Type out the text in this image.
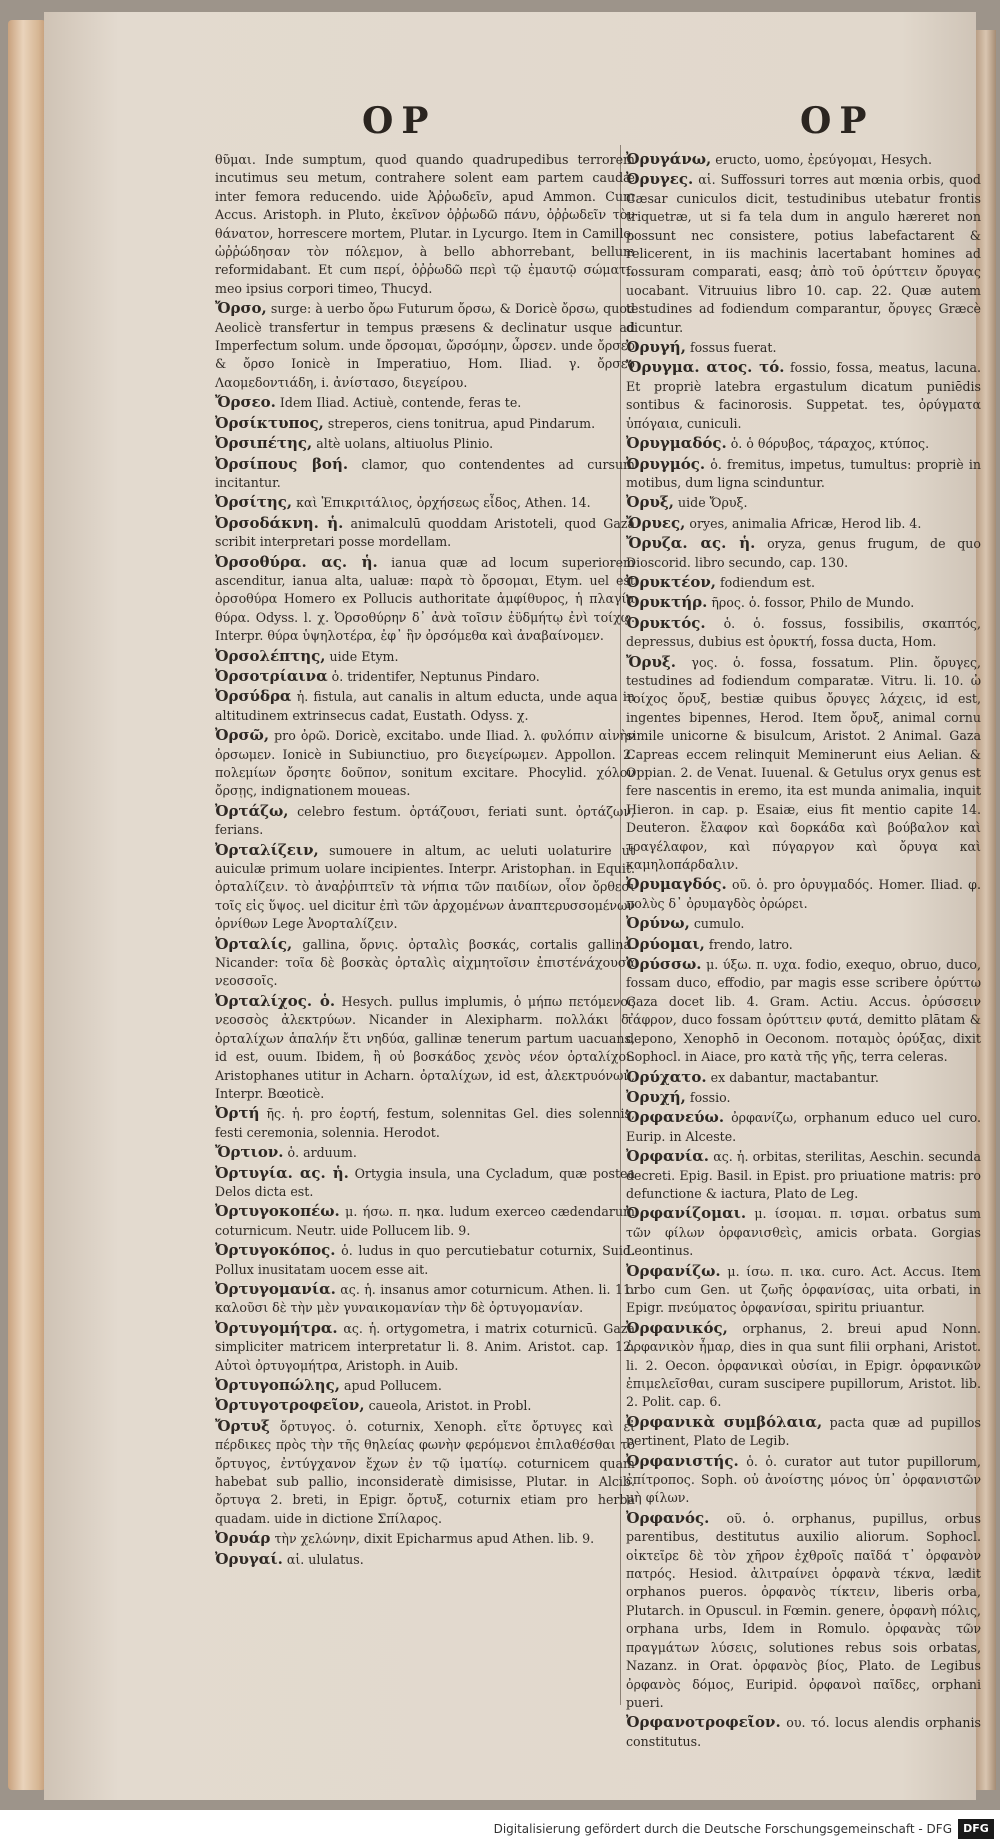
OP	OP

θῦμαι. Inde sumptum, quod quando quadrupedibus terrorem incutimus seu metum, contrahere solent eam partem caudæ inter femora reducendo. uide Ἀῤῥωδεῖν, apud Ammon. Cum Accus. Aristoph. in Pluto, ἐκεῖνον ὀῤῥωδῶ πάνυ, ὀῤῥωδεῖν τὸν θάνατον, horrescere mortem, Plutar. in Lycurgo. Item in Camillo, ὠῤῥώδησαν τὸν πόλεμον, à bello abhorrebant, bellum reformidabant. Et cum περί, ὀῤῥωδῶ περὶ τῷ ἐμαυτῷ σώματι, meo ipsius corpori timeo, Thucyd.

Ὄρσο, surge: à uerbo ὄρω Futurum ὄρσω, & Doricè ὄρσω, quod Aeolicè transfertur in tempus præsens & declinatur usque ad Imperfectum solum. unde ὄρσομαι, ὤρσόμην, ὦρσεν. unde ὄρσεο & ὄρσο Ionicè in Imperatiuo, Hom. Iliad. γ. ὄρσεο Λαομεδοντιάδη, i. ἀνίστασο, διεγείρου.

Ὄρσεο. Idem Iliad. Actiuè, contende, feras te.

Ὀρσίκτυπος, streperos, ciens tonitrua, apud Pindarum.

Ὀρσιπέτης, altè uolans, altiuolus Plinio.

Ὀρσίπους βοή. clamor, quo contendentes ad cursum incitantur.

Ὀρσίτης, καὶ Ἐπικριτάλιος, ὀρχήσεως εἶδος, Athen. 14.

Ὀρσοδάκνη. ἡ. animalculū quoddam Aristoteli, quod Gaza scribit interpretari posse mordellam.

Ὀρσοθύρα. ας. ἡ. ianua quæ ad locum superiorem ascenditur, ianua alta, ualuæ: παρὰ τὸ ὄρσομαι, Etym. uel est ὀρσοθύρα Homero ex Pollucis authoritate ἀμφίθυρος, ἡ πλαγία θύρα. Odyss. l. χ. Ὀρσοθύρην δ᾽ ἀνὰ τοῖσιν ἐϋδμήτῳ ἐνὶ τοίχῳ. Interpr. θύρα ὑψηλοτέρα, ἐφ᾽ ἣν ὀρσόμεθα καὶ ἀναβαίνομεν.

Ὀρσολέπτης, uide Etym.

Ὀρσοτρίαινα ὁ. tridentifer, Neptunus Pindaro.

Ὀρσύδρα ἡ. fistula, aut canalis in altum educta, unde aqua in altitudinem extrinsecus cadat, Eustath. Odyss. χ.

Ὀρσῶ, pro ὀρῶ. Doricè, excitabo. unde Iliad. λ. φυλόπιν αἰνὴν ὀρσωμεν. Ionicè in Subiunctiuo, pro διεγείρωμεν. Appollon. 2. πολεμίων ὄρσητε δοῦπον, sonitum excitare. Phocylid. χόλον ὄρσῃς, indignationem moueas.

Ὀρτάζω, celebro festum. ὀρτάζουσι, feriati sunt. ὀρτάζων, ferians.

Ὀρταλίζειν, sumouere in altum, ac ueluti uolaturire ut auiculæ primum uolare incipientes. Interpr. Aristophan. in Equit. ὀρταλίζειν. τὸ ἀναῤῥιπτεῖν τὰ νήπια τῶν παιδίων, οἷον ὄρθεσι τοῖς εἰς ὕψος. uel dicitur ἐπὶ τῶν ἀρχομένων ἀναπτερυσσομένων ὀρνίθων Lege Ἀνορταλίζειν.

Ὀρταλίς, gallina, ὄρνις. ὀρταλὶς βοσκάς, cortalis gallina. Nicander: τοῖα δὲ βοσκὰς ὀρταλὶς αἰχμητοῖσιν ἐπιστένάχουσα νεοσσοῖς.

Ὀρταλίχος. ὁ. Hesych. pullus implumis, ὁ μήπω πετόμενος νεοσσὸς ἀλεκτρύων. Nicander in Alexipharm. πολλάκι δ᾽ ὀρταλίχων ἁπαλήν ἔτι νηδύα, gallinæ tenerum partum uacuans, id est, ouum. Ibidem, ἢ οὐ βοσκάδος χενὸς νέον ὀρταλίχοι. Aristophanes utitur in Acharn. ὀρταλίχων, id est, ἀλεκτρυόνων, Interpr. Bœoticè.

Ὀρτή ῆς. ἡ. pro ἑορτή, festum, solennitas Gel. dies solennis, festi ceremonia, solennia. Herodot.

Ὄρτιον. ὁ. arduum.

Ὀρτυγία. ας. ἡ. Ortygia insula, una Cycladum, quæ postea Delos dicta est.

Ὀρτυγοκοπέω. μ. ήσω. π. ηκα. ludum exerceo cædendarum coturnicum. Neutr. uide Pollucem lib. 9.

Ὀρτυγοκόπος. ὁ. ludus in quo percutiebatur coturnix, Suid. Pollux inusitatam uocem esse ait.

Ὀρτυγομανία. ας. ἡ. insanus amor coturnicum. Athen. li. 11. καλοῦσι δὲ τὴν μὲν γυναικομανίαν τὴν δὲ ὀρτυγομανίαν.

Ὀρτυγομήτρα. ας. ἡ. ortygometra, i matrix coturnicū. Gaza simpliciter matricem interpretatur li. 8. Anim. Aristot. cap. 12. Αὐτοὶ ὀρτυγομήτρα, Aristoph. in Auib.

Ὀρτυγοπώλης, apud Pollucem.

Ὀρτυγοτροφεῖον, caueola, Aristot. in Probl.

Ὄρτυξ ὄρτυγος. ὁ. coturnix, Xenoph. εἴτε ὄρτυγες καὶ εἰ πέρδικες πρὸς τὴν τῆς θηλείας φωνὴν φερόμενοι ἐπιλαθέσθαι τὸ ὄρτυγος, ἐντύγχανον ἔχων ἐν τῷ ἱματίῳ. coturnicem quam habebat sub pallio, inconsideratè dimisisse, Plutar. in Alcib. ὄρτυγα 2. breti, in Epigr. ὄρτυξ, coturnix etiam pro herba quadam. uide in dictione Σπίλαρος.

Ὀρυάρ τὴν χελώνην, dixit Epicharmus apud Athen. lib. 9.

Ὀρυγαί. αἱ. ululatus.

Ὀρυγάνω, eructo, uomo, ἐρεύγομαι, Hesych.

Ὀρυγες. αἱ. Suffossuri torres aut mœnia orbis, quod Cæsar cuniculos dicit, testudinibus utebatur frontis triquetræ, ut si fa tela dum in angulo hæreret non possunt nec consistere, potius labefactarent & relicerent, in iis machinis lacertabant homines ad fossuram comparati, easq; ἀπὸ τοῦ ὀρύττειν ὄρυγας uocabant. Vitruuius libro 10. cap. 22. Quæ autem testudines ad fodiendum comparantur, ὄρυγες Græcè dicuntur.

Ὀρυγή, fossus fuerat.

Ὄρυγμα. ατος. τό. fossio, fossa, meatus, lacuna. Et propriè latebra ergastulum dicatum puniēdis sontibus & facinorosis. Suppetat. tes, ὀρύγματα ὑπόγαια, cuniculi.

Ὀρυγμαδός. ὁ. ὁ θόρυβος, τάραχος, κτύπος.

Ὀρυγμός. ὁ. fremitus, impetus, tumultus: propriè in motibus, dum ligna scinduntur.

Ὀρυξ, uide Ὄρυξ.

Ὄρυες, oryes, animalia Africæ, Herod lib. 4.

Ὄρυζα. ας. ἡ. oryza, genus frugum, de quo Dioscorid. libro secundo, cap. 130.

Ὀρυκτέον, fodiendum est.

Ὀρυκτήρ. ῆρος. ὁ. fossor, Philo de Mundo.

Ὀρυκτός. ὁ. ὁ. fossus, fossibilis, σκαπτός, depressus, dubius est ὀρυκτή, fossa ducta, Hom.

Ὄρυξ. γος. ὁ. fossa, fossatum. Plin. ὄρυγες, testudines ad fodiendum comparatæ. Vitru. li. 10. ὠ τοίχος ὄρυξ, bestiæ quibus ὄρυγες λάχεις, id est, ingentes bipennes, Herod. Item ὄρυξ, animal cornu simile unicorne & bisulcum, Aristot. 2 Animal. Gaza Capreas eccem relinquit Meminerunt eius Aelian. & Oppian. 2. de Venat. Iuuenal. & Getulus oryx genus est fere nascentis in eremo, ita est munda animalia, inquit Hieron. in cap. p. Esaiæ, eius fit mentio capite 14. Deuteron. ἔλαφον καὶ δορκάδα καὶ βούβαλον καὶ τραγέλαφον, καὶ πύγαργον καὶ ὄρυγα καὶ καμηλοπάρδαλιν.

Ὀρυμαγδός. οῦ. ὁ. pro ὀρυγμαδός. Homer. Iliad. φ. πολὺς δ᾽ ὀρυμαγδὸς ὀρώρει.

Ὀρύνω, cumulo.

Ὀρύομαι, frendo, latro.

Ὀρύσσω. μ. ύξω. π. υχα. fodio, exequo, obruo, duco, fossam duco, effodio, par magis esse scribere ὀρύττω Gaza docet lib. 4. Gram. Actiu. Accus. ὀρύσσειν τάφρον, duco fossam ὀρύττειν φυτά, demitto plātam & depono, Xenophō in Oeconom. ποταμὸς ὀρύξας, dixit Sophocl. in Aiace, pro κατὰ τῆς γῆς, terra celeras.

Ὀρύχατο. ex dabantur, mactabantur.

Ὀρυχή, fossio.

Ὀρφανεύω. ὀρφανίζω, orphanum educo uel curo. Eurip. in Alceste.

Ὀρφανία. ας. ἡ. orbitas, sterilitas, Aeschin. secunda decreti. Epig. Basil. in Epist. pro priuatione matris: pro defunctione & iactura, Plato de Leg.

Ὀρφανίζομαι. μ. ίσομαι. π. ισμαι. orbatus sum τῶν φίλων ὀρφανισθεὶς, amicis orbata. Gorgias Leontinus.

Ὀρφανίζω. μ. ίσω. π. ικα. curo. Act. Accus. Item orbo cum Gen. ut ζωῆς ὀρφανίσας, uita orbati, in Epigr. πνεύματος ὀρφανίσαι, spiritu priuantur.

Ὀρφανικός, orphanus, 2. breui apud Nonn. ὀρφανικὸν ἦμαρ, dies in qua sunt filii orphani, Aristot. li. 2. Oecon. ὀρφανικαὶ οὐσίαι, in Epigr. ὀρφανικῶν ἐπιμελεῖσθαι, curam suscipere pupillorum, Aristot. lib. 2. Polit. cap. 6.

Ὀρφανικὰ συμβόλαια, pacta quæ ad pupillos pertinent, Plato de Legib.

Ὀρφανιστής. ὁ. ὁ. curator aut tutor pupillorum, ἐπίτροπος. Soph. οὐ ἀνοίστης μόνος ὑπ᾽ ὀρφανιστῶν μὴ φίλων.

Ὀρφανός. οῦ. ὁ. orphanus, pupillus, orbus parentibus, destitutus auxilio aliorum. Sophocl. οἰκτεῖρε δὲ τὸν χῆρον ἐχθροῖς παῖδά τ᾽ ὀρφανὸν πατρός. Hesiod. ἀλιτραίνει ὀρφανὰ τέκνα, lædit orphanos pueros. ὀρφανὸς τίκτειν, liberis orba, Plutarch. in Opuscul. in Fœmin. genere, ὀρφανὴ πόλις, orphana urbs, Idem in Romulo. ὀρφανὰς τῶν πραγμάτων λύσεις, solutiones rebus sois orbatas, Nazanz. in Orat. ὀρφανὸς βίος, Plato. de Legibus ὀρφανὸς δόμος, Euripid. ὀρφανοὶ παῖδες, orphani pueri.

Ὀρφανοτροφεῖον. ου. τό. locus alendis orphanis constitutus.

Digitalisierung gefördert durch die Deutsche Forschungsgemeinschaft - DFG	DFG
